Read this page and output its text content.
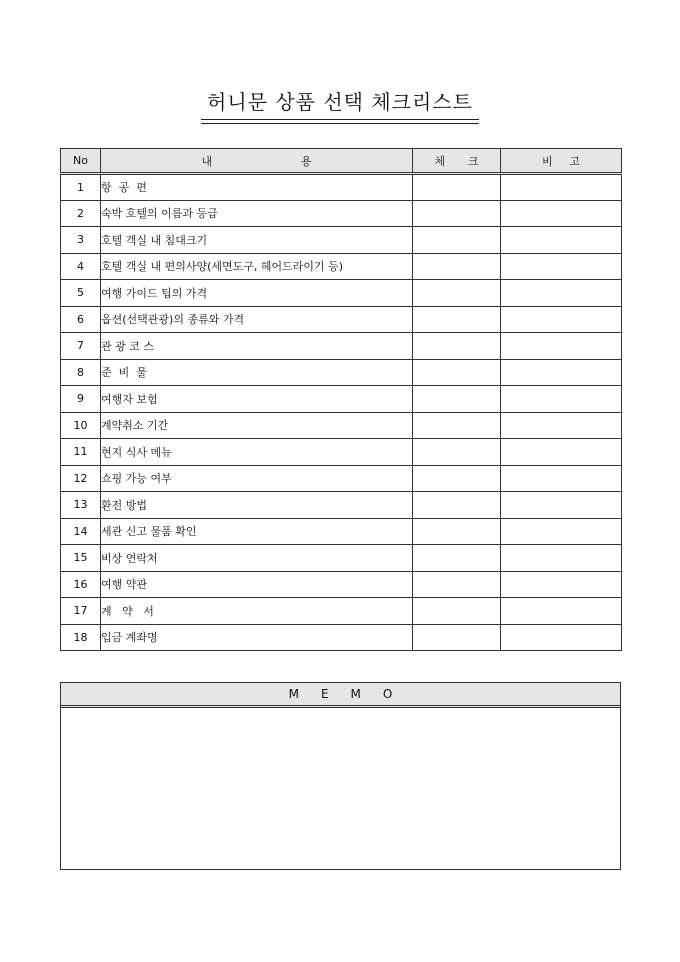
허니문 상품 선택 체크리스트
No	내 용	체 크	비 고

1	항  공  편		
2	숙박 호텔의 이름과 등급		
3	호텔 객실 내 침대크기		
4	호텔 객실 내 편의사양(세면도구, 헤어드라이기 등)		
5	여행 가이드 팁의 가격		
6	옵션(선택관광)의 종류와 가격		
7	관 광 코 스		
8	준  비  물		
9	여행자 보험		
10	계약취소 기간		
11	현지 식사 메뉴		
12	쇼핑 가능 여부		
13	환전 방법		
14	세관 신고 물품 확인		
15	비상 연락처		
16	여행 약관		
17	계   약   서		
18	입금 계좌명		
MEMO
